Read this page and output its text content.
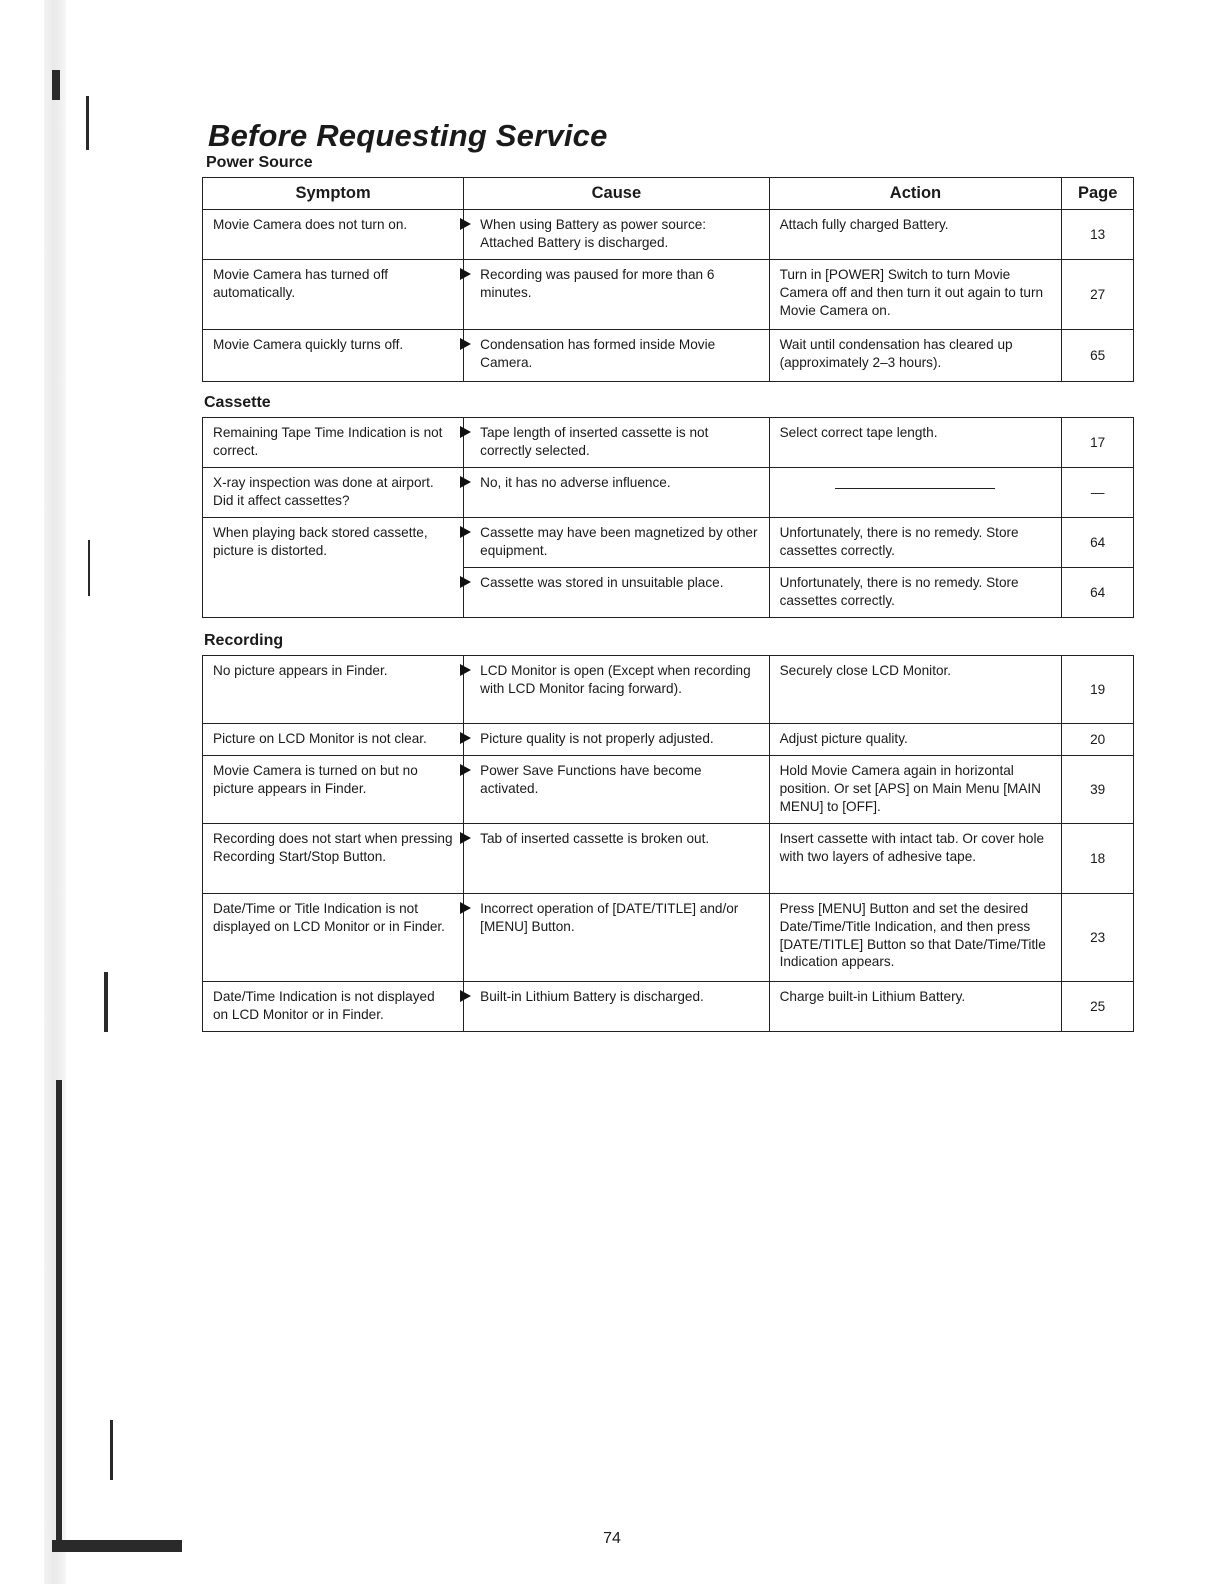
Before Requesting Service
Power Source
Symptom	Cause	Action	Page
Movie Camera does not turn on.	When using Battery as power source: Attached Battery is discharged.	Attach fully charged Battery.	13
Movie Camera has turned off automatically.	Recording was paused for more than 6 minutes.	Turn in [POWER] Switch to turn Movie Camera off and then turn it out again to turn Movie Camera on.	27
Movie Camera quickly turns off.	Condensation has formed inside Movie Camera.	Wait until condensation has cleared up (approximately 2–3 hours).	65
Cassette
Remaining Tape Time Indication is not correct.	Tape length of inserted cassette is not correctly selected.	Select correct tape length.	17
X-ray inspection was done at airport. Did it affect cassettes?	No, it has no adverse influence.		—
When playing back stored cassette, picture is distorted.	Cassette may have been magnetized by other equipment.	Unfortunately, there is no remedy. Store cassettes correctly.	64

Cassette was stored in unsuitable place.	Unfortunately, there is no remedy. Store cassettes correctly.	64
Recording
No picture appears in Finder.	LCD Monitor is open (Except when recording with LCD Monitor facing forward).	Securely close LCD Monitor.	19
Picture on LCD Monitor is not clear.	Picture quality is not properly adjusted.	Adjust picture quality.	20
Movie Camera is turned on but no picture appears in Finder.	Power Save Functions have become activated.	Hold Movie Camera again in horizontal position. Or set [APS] on Main Menu [MAIN MENU] to [OFF].	39
Recording does not start when pressing Recording Start/Stop Button.	Tab of inserted cassette is broken out.	Insert cassette with intact tab. Or cover hole with two layers of adhesive tape.	18
Date/Time or Title Indication is not displayed on LCD Monitor or in Finder.	Incorrect operation of [DATE/TITLE] and/or [MENU] Button.	Press [MENU] Button and set the desired Date/Time/Title Indication, and then press [DATE/TITLE] Button so that Date/Time/Title Indication appears.	23
Date/Time Indication is not displayed on LCD Monitor or in Finder.	Built-in Lithium Battery is discharged.	Charge built-in Lithium Battery.	25
74
